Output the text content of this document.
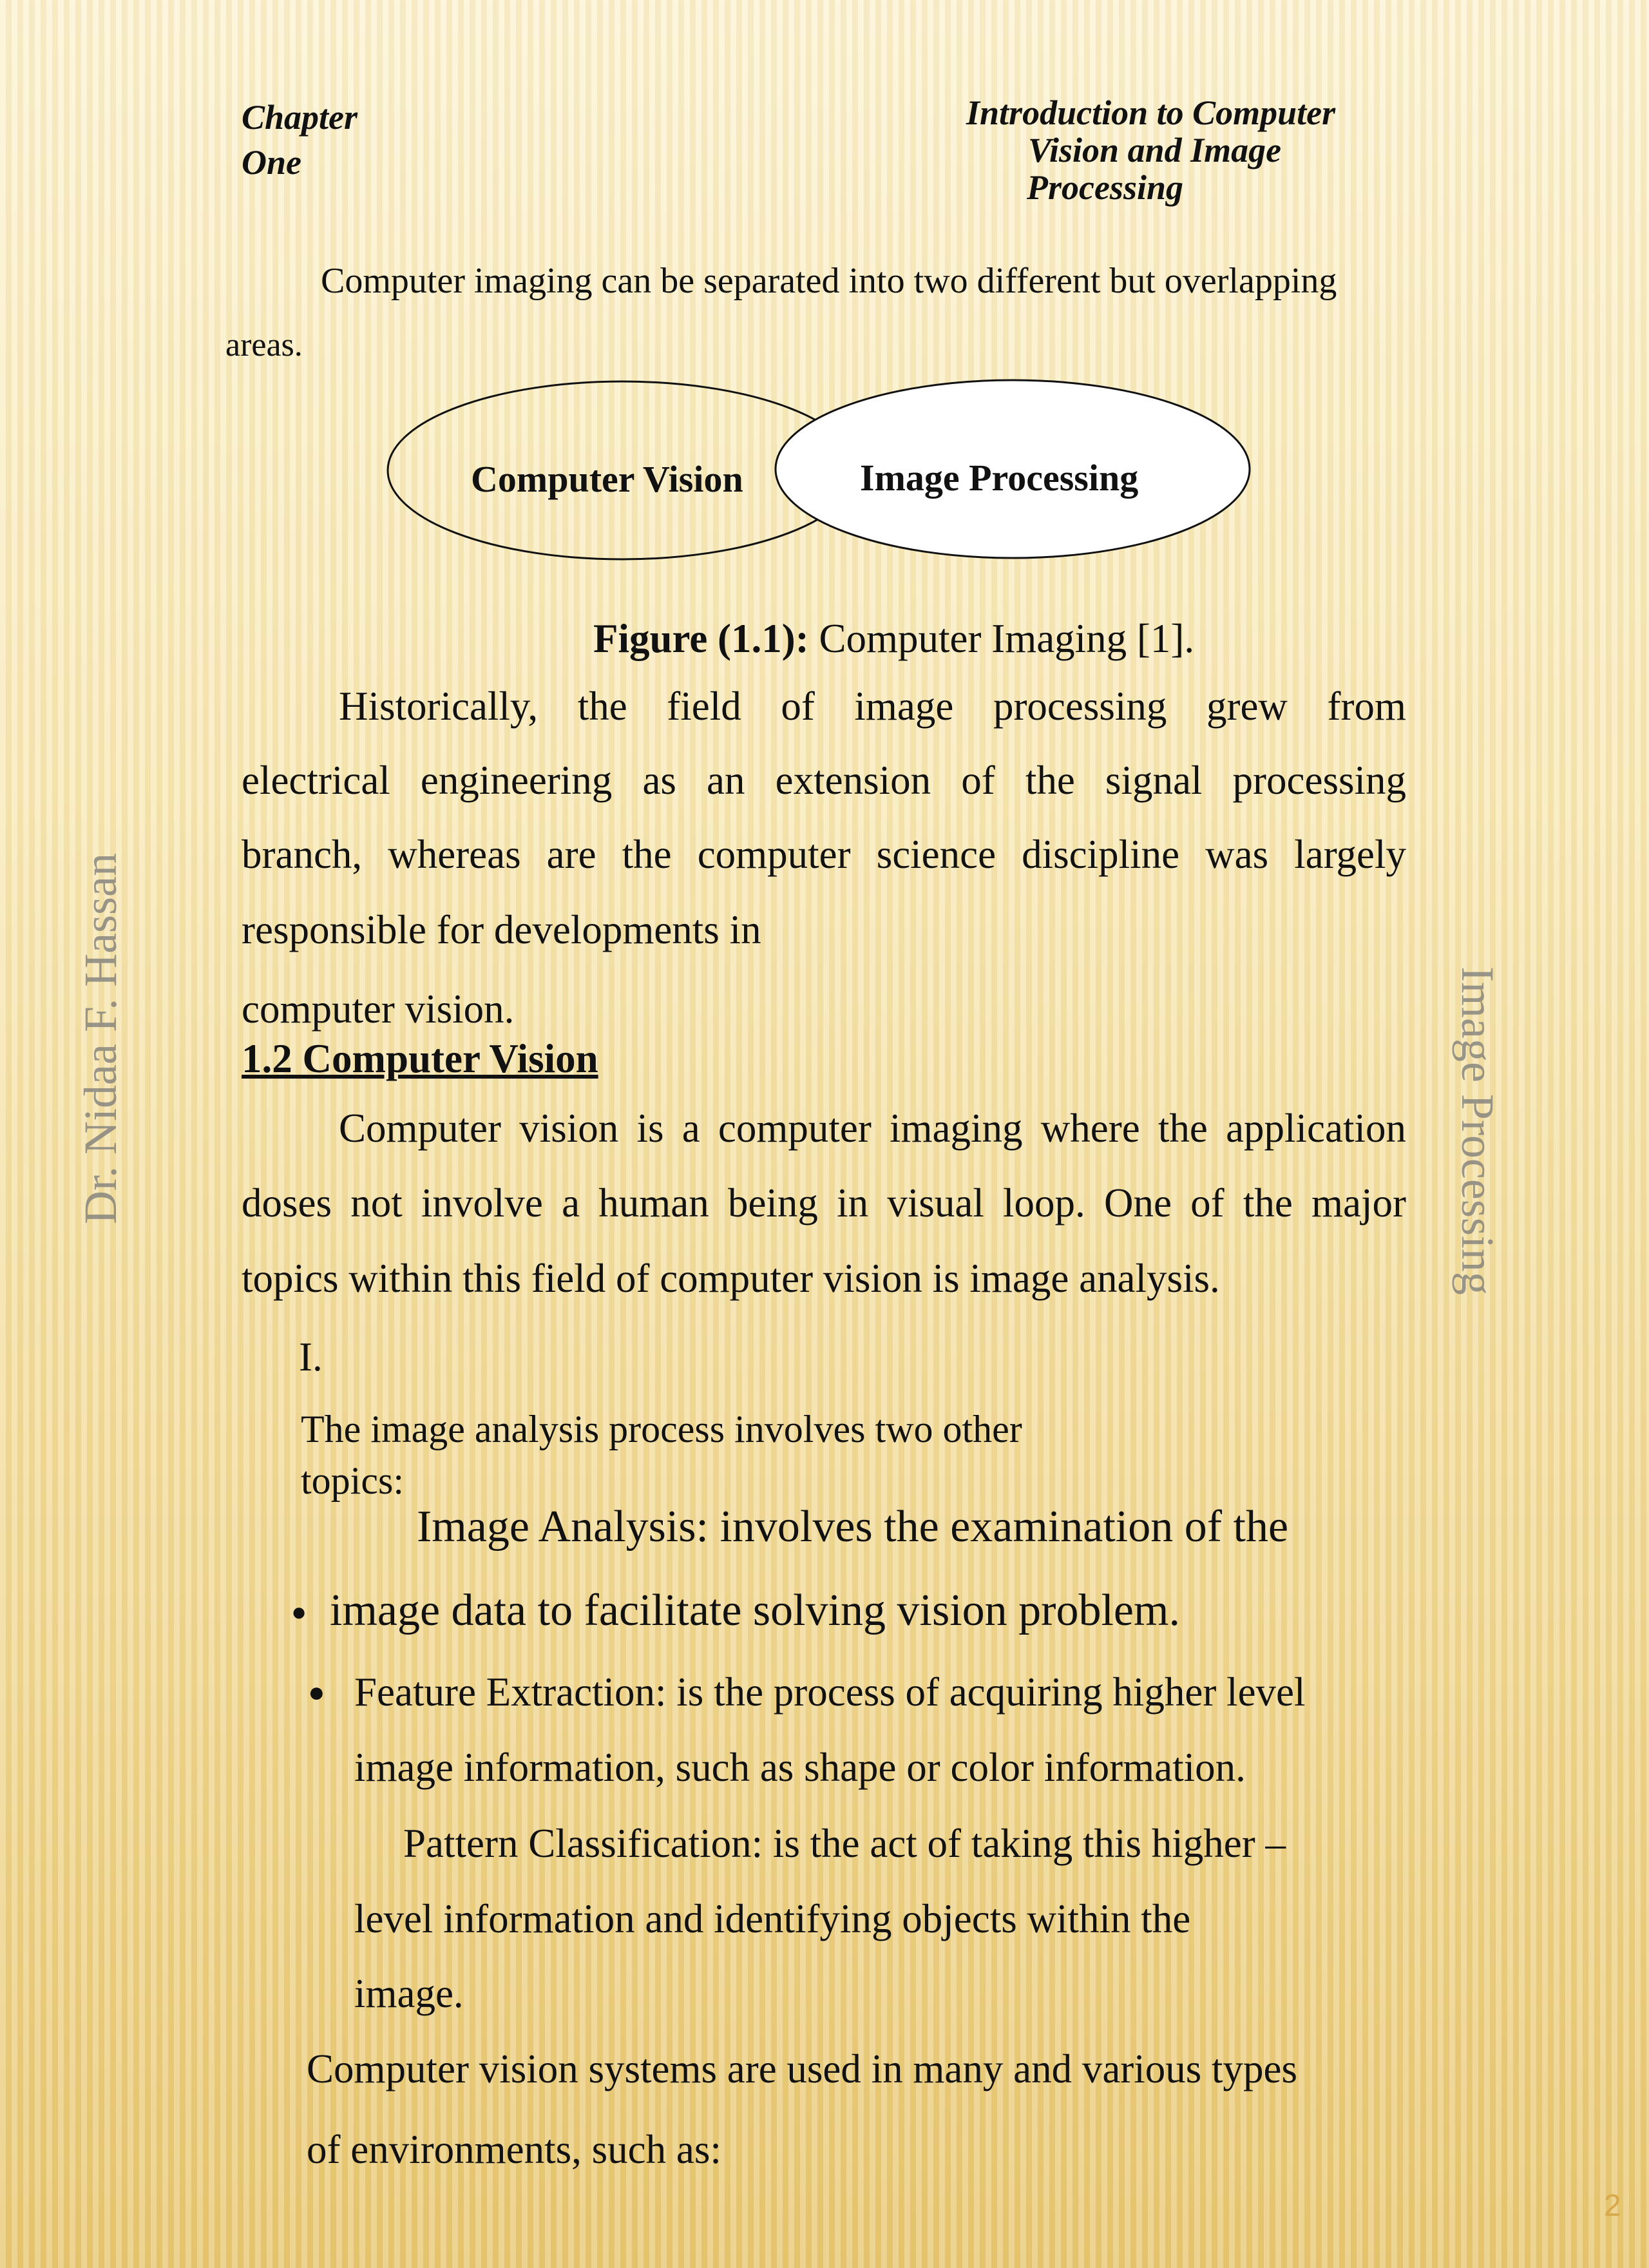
Chapter
One
Introduction to Computer
Vision and Image
Processing
Computer imaging can be separated into two different but overlapping
areas.
Computer Vision	Image Processing
Figure (1.1): Computer Imaging [1].
Historically, the field of image processing grew from
electrical engineering as an extension of the signal processing
branch, whereas are the computer science discipline was largely
responsible for developments in
computer vision.
1.2 Computer Vision
Computer vision is a computer imaging where the application
doses not involve a human being in visual loop. One of the major
topics within this field of computer vision is image analysis.
I.
The image analysis process involves two other
topics:
Image Analysis: involves the examination of the
image data to facilitate solving vision problem.
●
● Feature Extraction: is the process of acquiring higher level
image information, such as shape or color information.
Pattern Classification: is the act of taking this higher –
level information and identifying objects within the
image.
Computer vision systems are used in many and various types
of environments, such as:
Dr. Nidaa F. Hassan	Image Processing
2
